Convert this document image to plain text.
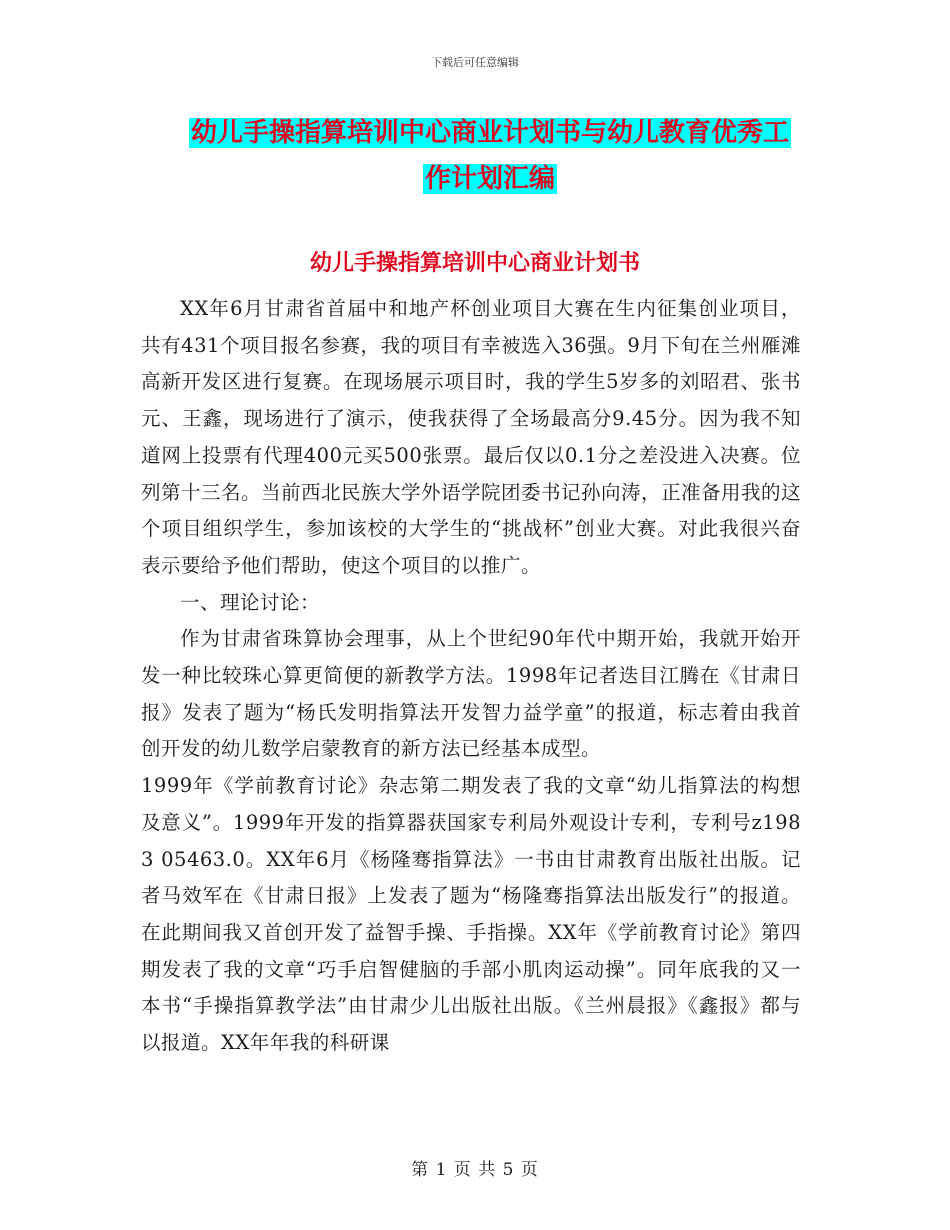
下载后可任意编辑
幼儿手操指算培训中心商业计划书与幼儿教育优秀工
作计划汇编
幼儿手操指算培训中心商业计划书

XX年6月甘肃省首届中和地产杯创业项目大赛在生内征集创业项目，共有431个项目报名参赛，我的项目有幸被选入36强。9月下旬在兰州雁滩高新开发区进行复赛。在现场展示项目时，我的学生5岁多的刘昭君、张书元、王鑫，现场进行了演示，使我获得了全场最高分9.45分。因为我不知道网上投票有代理400元买500张票。最后仅以0.1分之差没进入决赛。位列第十三名。当前西北民族大学外语学院团委书记孙向涛，正准备用我的这个项目组织学生，参加该校的大学生的“挑战杯”创业大赛。对此我很兴奋表示要给予他们帮助，使这个项目的以推广。

一、理论讨论：

作为甘肃省珠算协会理事，从上个世纪90年代中期开始，我就开始开发一种比较珠心算更简便的新教学方法。1998年记者迭目江腾在《甘肃日报》发表了题为“杨氏发明指算法开发智力益学童”的报道，标志着由我首创开发的幼儿数学启蒙教育的新方法已经基本成型。

1999年《学前教育讨论》杂志第二期发表了我的文章“幼儿指算法的构想及意义”。1999年开发的指算器获国家专利局外观设计专利，专利号z198 3 05463.0。XX年6月《杨隆骞指算法》一书由甘肃教育出版社出版。记者马效军在《甘肃日报》上发表了题为“杨隆骞指算法出版发行”的报道。在此期间我又首创开发了益智手操、手指操。XX年《学前教育讨论》第四期发表了我的文章“巧手启智健脑的手部小肌肉运动操”。同年底我的又一本书“手操指算教学法”由甘肃少儿出版社出版。《兰州晨报》《鑫报》都与以报道。XX年年我的科研课

第 1 页 共 5 页
